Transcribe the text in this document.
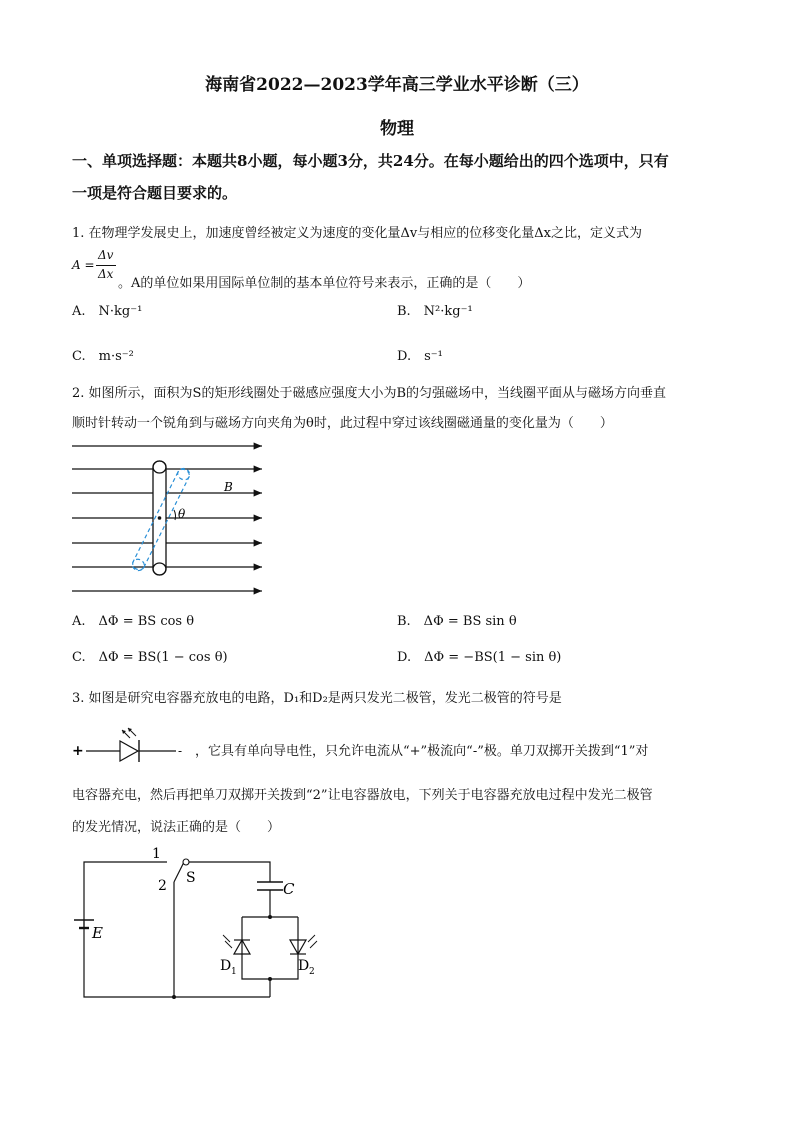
海南省2022—2023学年高三学业水平诊断（三）
物理
一、单项选择题：本题共8小题，每小题3分，共24分。在每小题给出的四个选项中，只有
一项是符合题目要求的。
1. 在物理学发展史上，加速度曾经被定义为速度的变化量Δv与相应的位移变化量Δx之比，定义式为
A =
Δv
Δx
。A的单位如果用国际单位制的基本单位符号来表示，正确的是（　　）
A.　N·kg⁻¹	B.　N²·kg⁻¹
C.　m·s⁻²	D.　s⁻¹
2. 如图所示，面积为S的矩形线圈处于磁感应强度大小为B的匀强磁场中，当线圈平面从与磁场方向垂直
顺时针转动一个锐角到与磁场方向夹角为θ时，此过程中穿过该线圈磁通量的变化量为（　　）
θ
B
A.　ΔΦ = BS cos θ	B.　ΔΦ = BS sin θ
C.　ΔΦ = BS(1 − cos θ)	D.　ΔΦ = −BS(1 − sin θ)
3. 如图是研究电容器充放电的电路，D₁和D₂是两只发光二极管，发光二极管的符号是
+	- ，它具有单向导电性，只允许电流从“+”极流向“-”极。单刀双掷开关拨到“1”对
电容器充电，然后再把单刀双掷开关拨到“2”让电容器放电，下列关于电容器充放电过程中发光二极管
的发光情况，说法正确的是（　　）
1
2 S
C
E
D 1	D 2
